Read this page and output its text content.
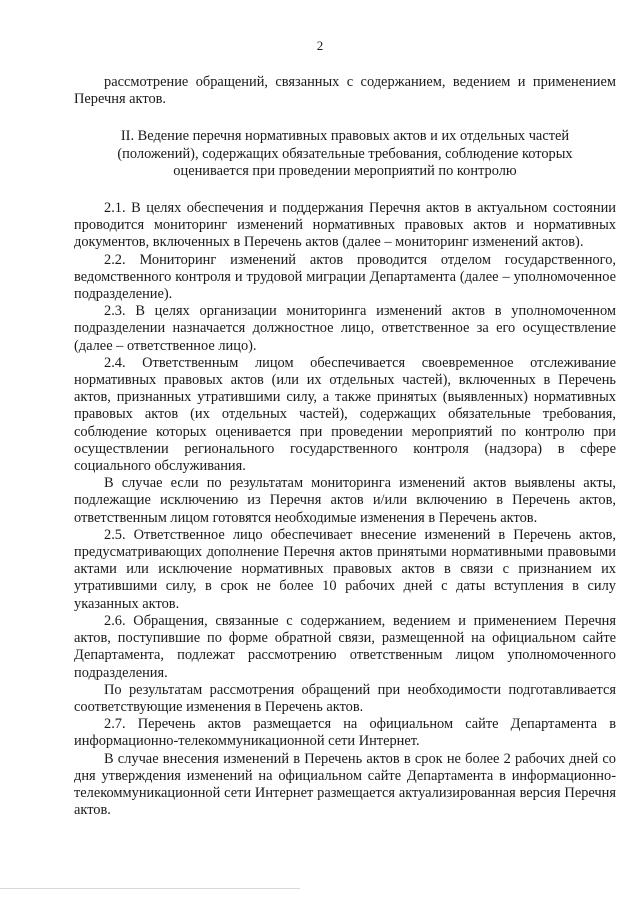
2

рассмотрение обращений, связанных с содержанием, ведением и применением Перечня актов.

II. Ведение перечня нормативных правовых актов и их отдельных частей (положений), содержащих обязательные требования, соблюдение которых оценивается при проведении мероприятий по контролю

2.1. В целях обеспечения и поддержания Перечня актов в актуальном состоянии проводится мониторинг изменений нормативных правовых актов и нормативных документов, включенных в Перечень актов (далее – мониторинг изменений актов).

2.2. Мониторинг изменений актов проводится отделом государственного, ведомственного контроля и трудовой миграции Департамента (далее – уполномоченное подразделение).

2.3. В целях организации мониторинга изменений актов в уполномоченном подразделении назначается должностное лицо, ответственное за его осуществление (далее – ответственное лицо).

2.4. Ответственным лицом обеспечивается своевременное отслеживание нормативных правовых актов (или их отдельных частей), включенных в Перечень актов, признанных утратившими силу, а также принятых (выявленных) нормативных правовых актов (их отдельных частей), содержащих обязательные требования, соблюдение которых оценивается при проведении мероприятий по контролю при осуществлении регионального государственного контроля (надзора) в сфере социального обслуживания.

В случае если по результатам мониторинга изменений актов выявлены акты, подлежащие исключению из Перечня актов и/или включению в Перечень актов, ответственным лицом готовятся необходимые изменения в Перечень актов.

2.5. Ответственное лицо обеспечивает внесение изменений в Перечень актов, предусматривающих дополнение Перечня актов принятыми нормативными правовыми актами или исключение нормативных правовых актов в связи с признанием их утратившими силу, в срок не более 10 рабочих дней с даты вступления в силу указанных актов.

2.6. Обращения, связанные с содержанием, ведением и применением Перечня актов, поступившие по форме обратной связи, размещенной на официальном сайте Департамента, подлежат рассмотрению ответственным лицом уполномоченного подразделения.

По результатам рассмотрения обращений при необходимости подготавливается соответствующие изменения в Перечень актов.

2.7. Перечень актов размещается на официальном сайте Департамента в информационно-телекоммуникационной сети Интернет.

В случае внесения изменений в Перечень актов в срок не более 2 рабочих дней со дня утверждения изменений на официальном сайте Департамента в информационно-телекоммуникационной сети Интернет размещается актуализированная версия Перечня актов.
